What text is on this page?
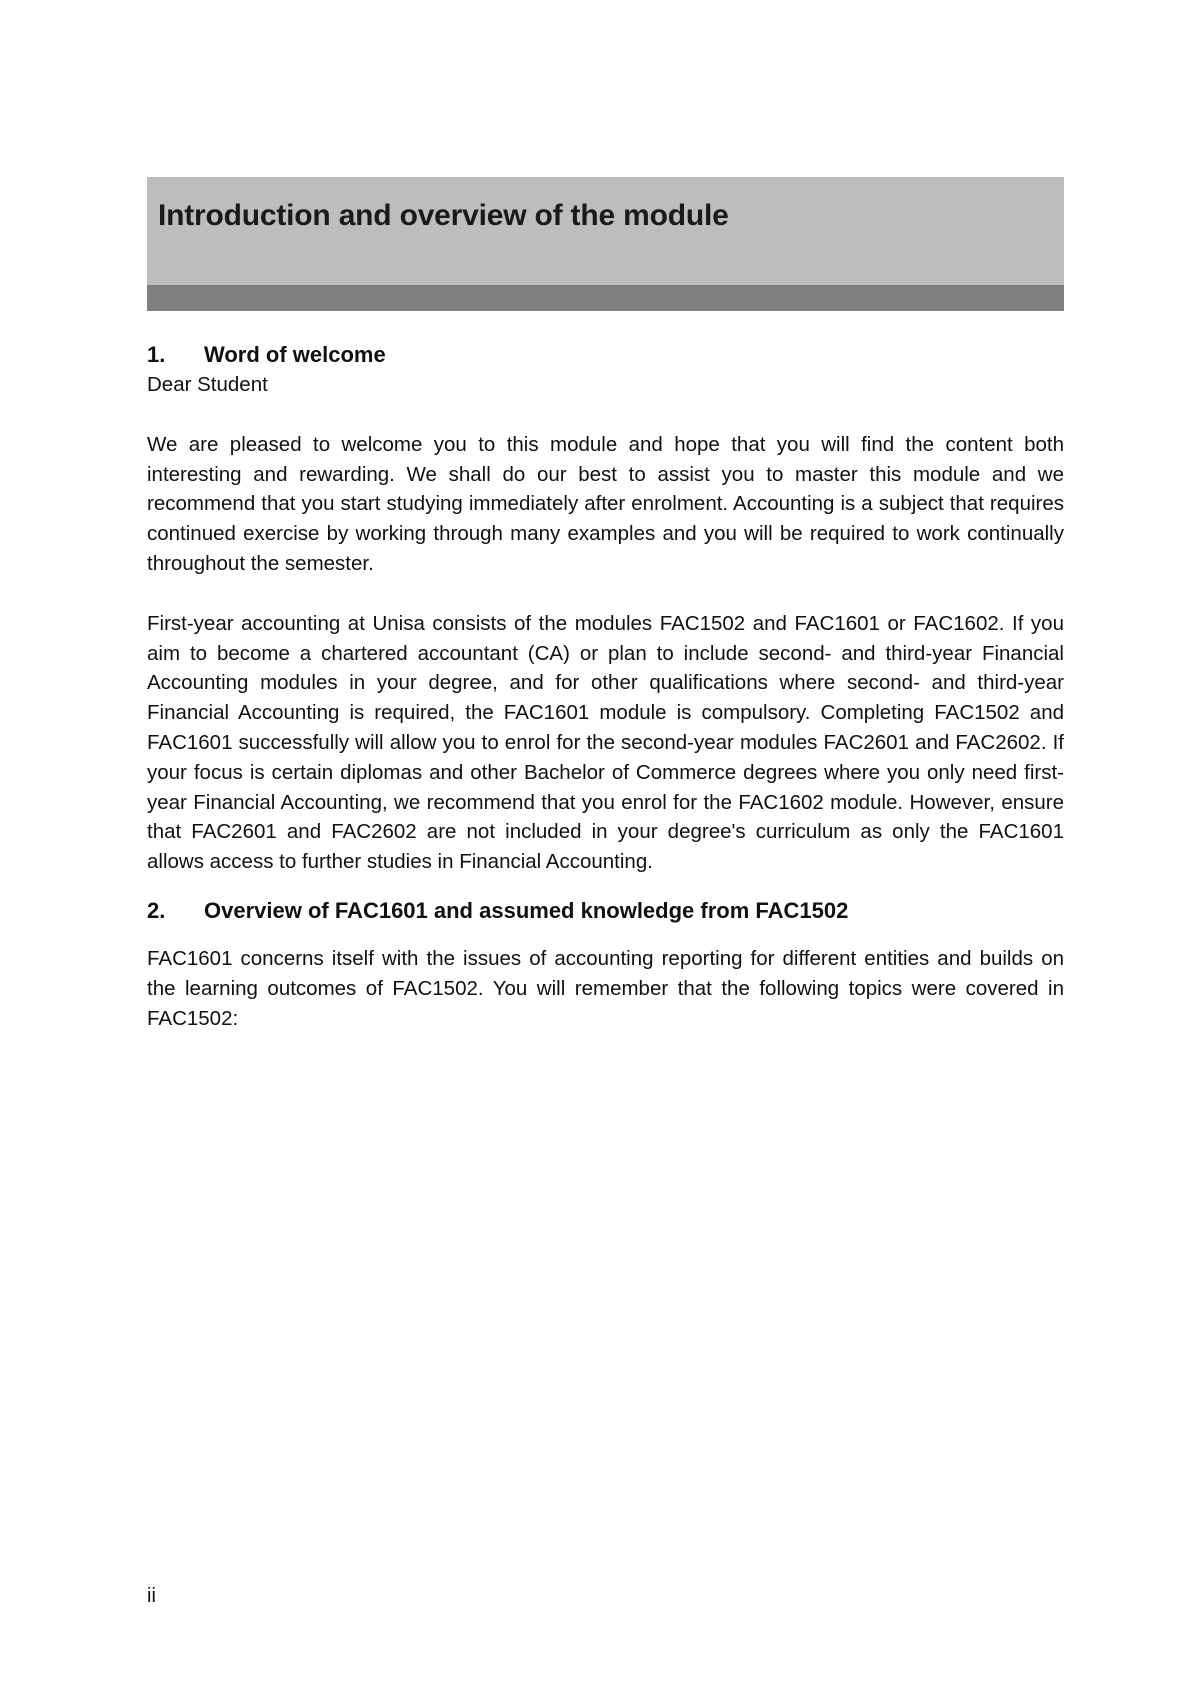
Introduction and overview of the module
1.	Word of welcome

Dear Student

We are pleased to welcome you to this module and hope that you will find the content both interesting and rewarding. We shall do our best to assist you to master this module and we recommend that you start studying immediately after enrolment. Accounting is a subject that requires continued exercise by working through many examples and you will be required to work continually throughout the semester.

First-year accounting at Unisa consists of the modules FAC1502 and FAC1601 or FAC1602. If you aim to become a chartered accountant (CA) or plan to include second- and third-year Financial Accounting modules in your degree, and for other qualifications where second- and third-year Financial Accounting is required, the FAC1601 module is compulsory. Completing FAC1502 and FAC1601 successfully will allow you to enrol for the second-year modules FAC2601 and FAC2602. If your focus is certain diplomas and other Bachelor of Commerce degrees where you only need first-year Financial Accounting, we recommend that you enrol for the FAC1602 module. However, ensure that FAC2601 and FAC2602 are not included in your degree's curriculum as only the FAC1601 allows access to further studies in Financial Accounting.

2.	Overview of FAC1601 and assumed knowledge from FAC1502

FAC1601 concerns itself with the issues of accounting reporting for different entities and builds on the learning outcomes of FAC1502. You will remember that the following topics were covered in FAC1502:

ii
